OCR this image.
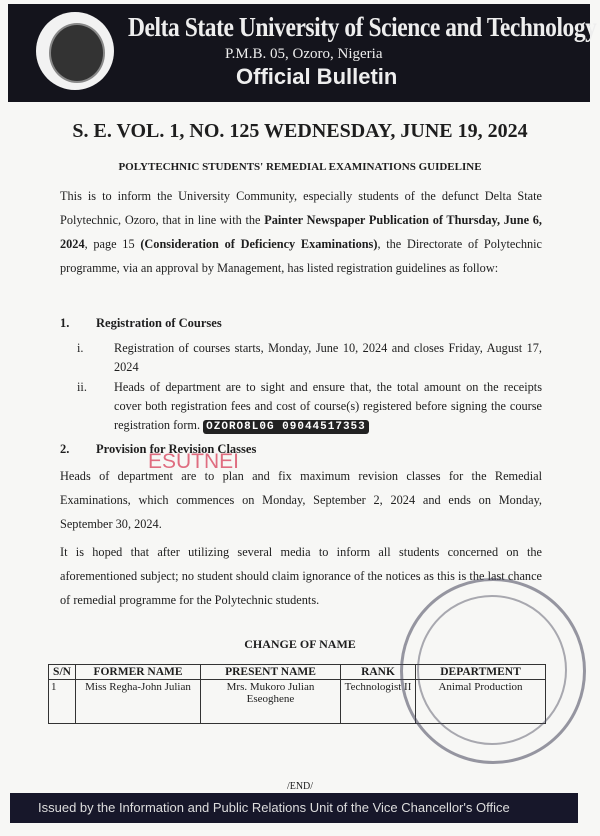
Delta State University of Science and Technology
P.M.B. 05, Ozoro, Nigeria
Official Bulletin
S. E. VOL. 1, NO. 125 WEDNESDAY, JUNE 19, 2024
POLYTECHNIC STUDENTS' REMEDIAL EXAMINATIONS GUIDELINE
This is to inform the University Community, especially students of the defunct Delta State Polytechnic, Ozoro, that in line with the Painter Newspaper Publication of Thursday, June 6, 2024, page 15 (Consideration of Deficiency Examinations), the Directorate of Polytechnic programme, via an approval by Management, has listed registration guidelines as follow:
1. Registration of Courses
i. Registration of courses starts, Monday, June 10, 2024 and closes Friday, August 17, 2024
ii. Heads of department are to sight and ensure that, the total amount on the receipts cover both registration fees and cost of course(s) registered before signing the course registration form. OZORO8L0G 09044517353
2. Provision for Revision Classes
ESUTNEI
Heads of department are to plan and fix maximum revision classes for the Remedial Examinations, which commences on Monday, September 2, 2024 and ends on Monday, September 30, 2024.
It is hoped that after utilizing several media to inform all students concerned on the aforementioned subject; no student should claim ignorance of the notices as this is the last chance of remedial programme for the Polytechnic students.
CHANGE OF NAME
S/N	FORMER NAME	PRESENT NAME	RANK	DEPARTMENT
1	Miss Regha-John Julian	Mrs. Mukoro Julian Eseoghene	Technologist II	Animal Production
/END/
Issued by the Information and Public Relations Unit of the Vice Chancellor's Office
